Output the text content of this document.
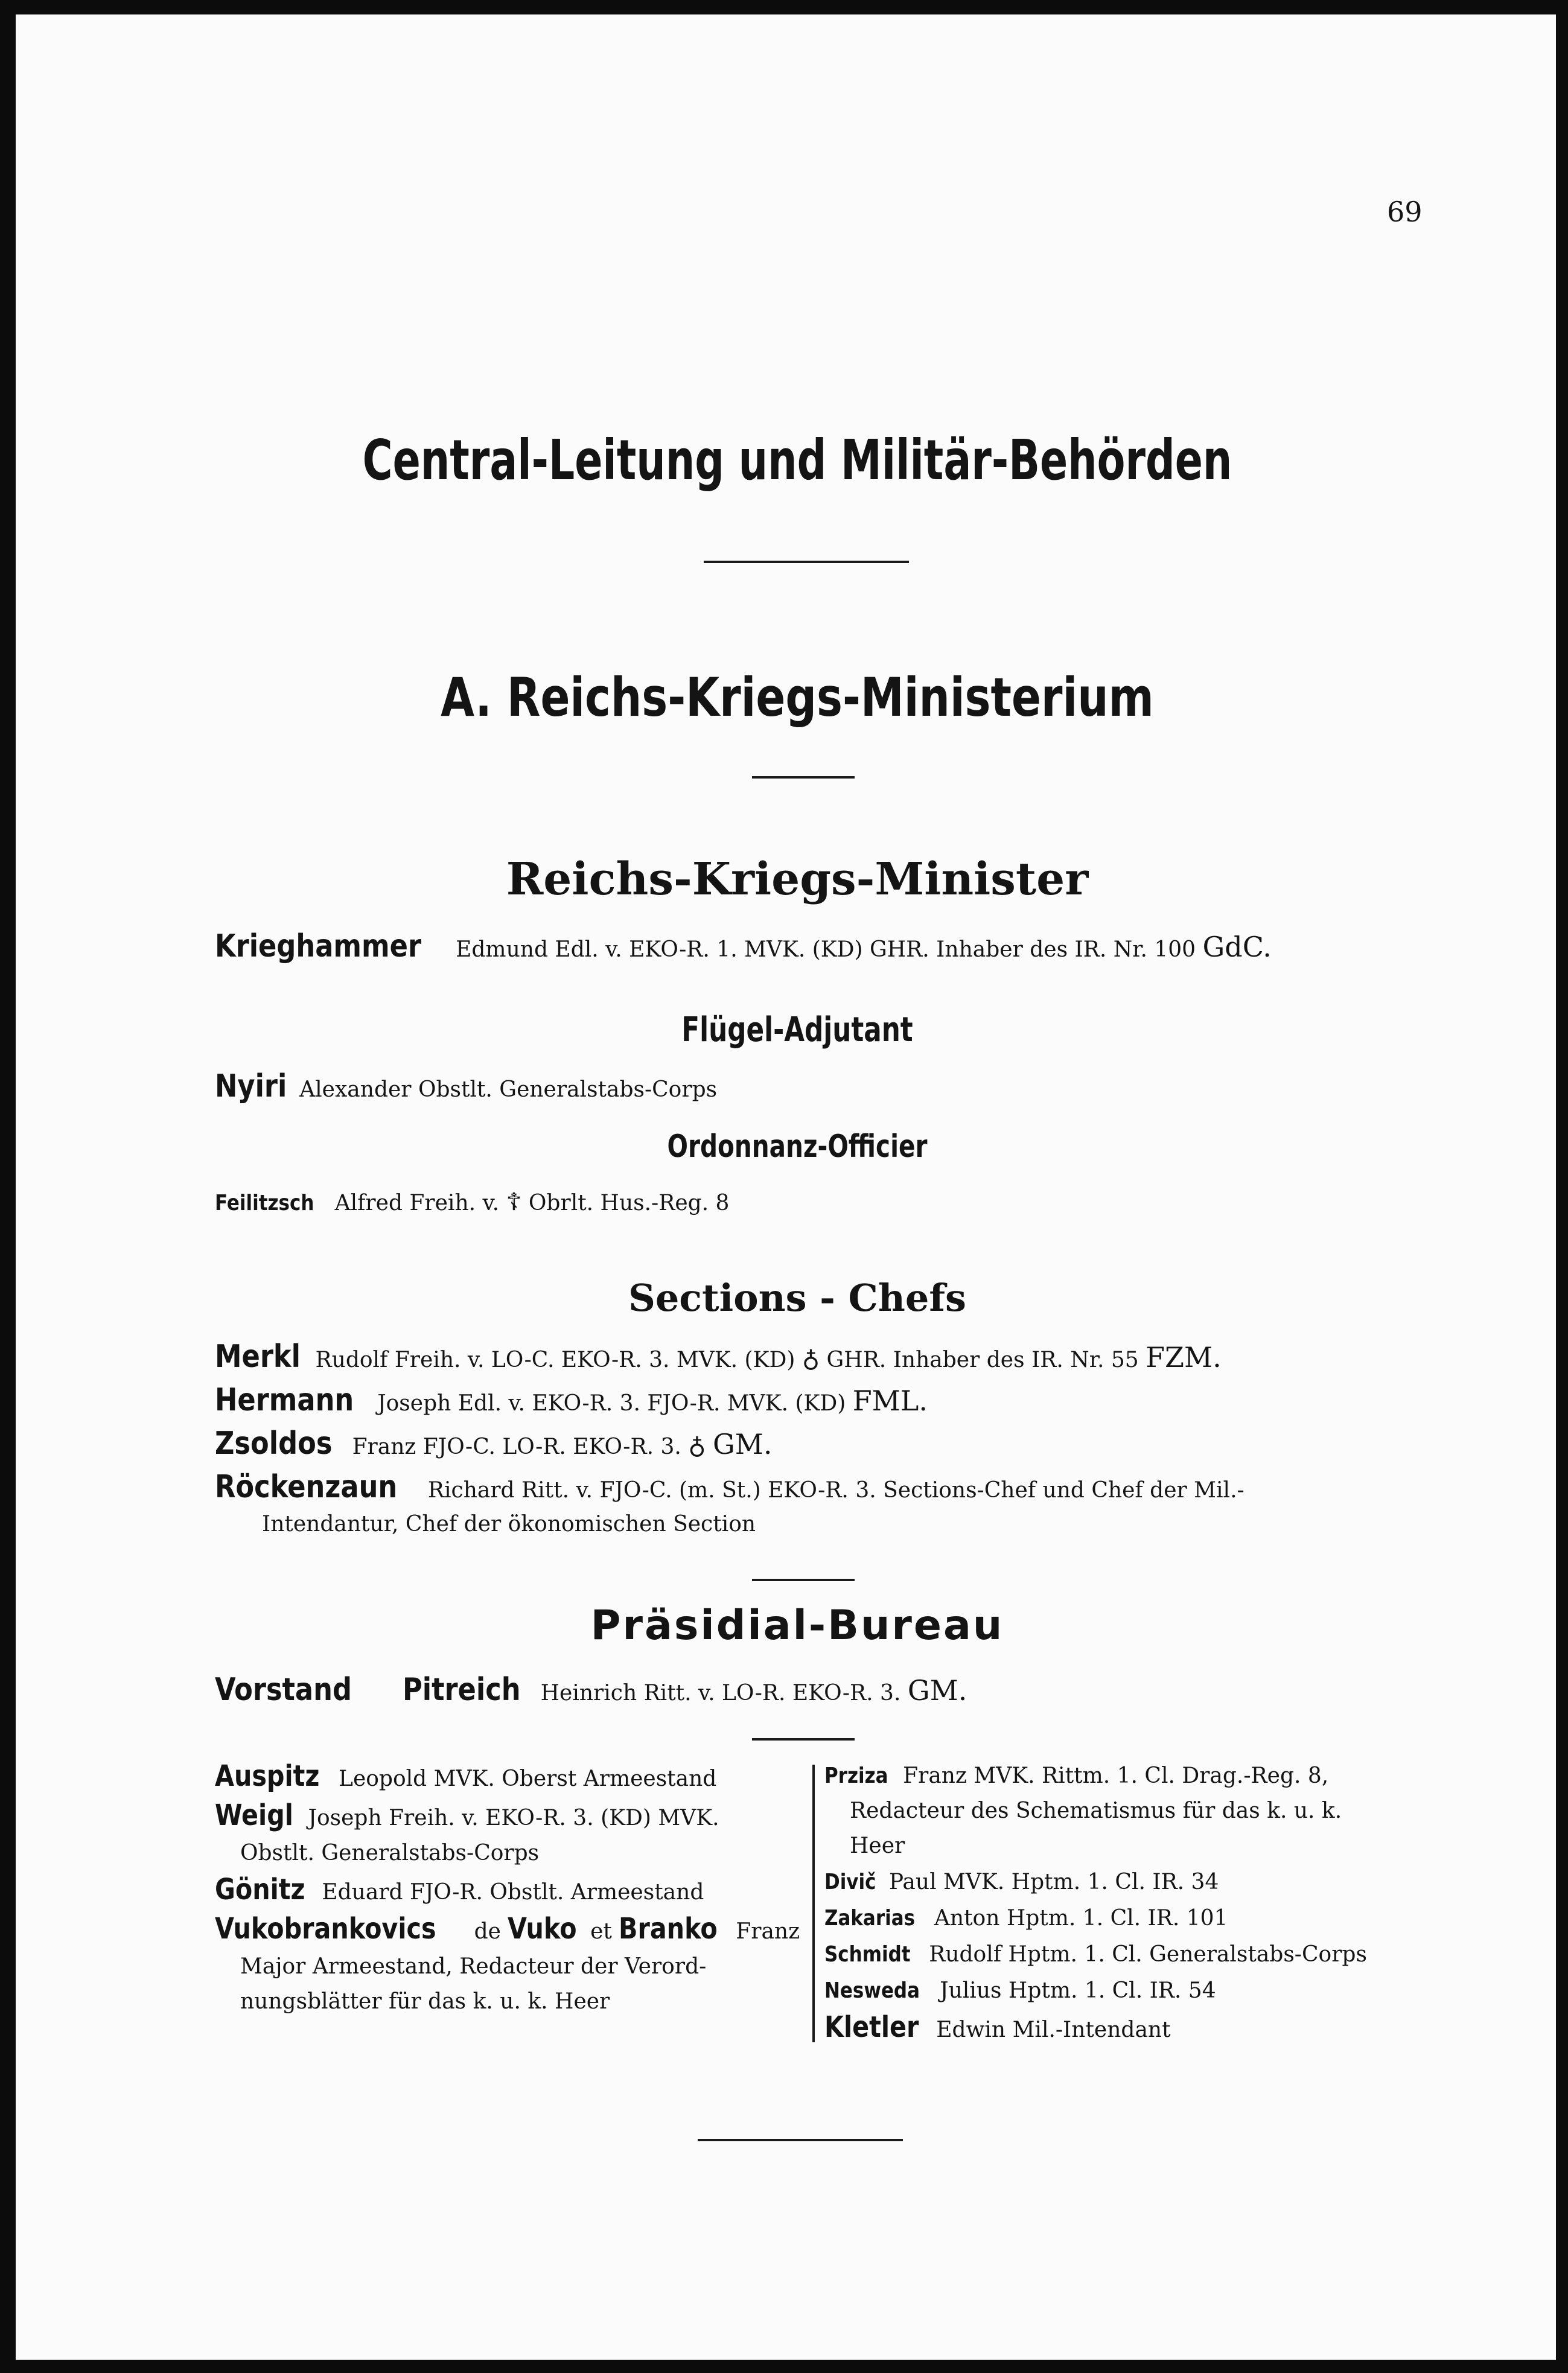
69
Central-Leitung und Militär-Behörden
A. Reichs-Kriegs-Ministerium
Reichs-Kriegs-Minister
Krieghammer Edmund Edl. v. EKO-R. 1. MVK. (KD) GHR. Inhaber des IR. Nr. 100 GdC.
Flügel-Adjutant
Nyiri Alexander Obstlt. Generalstabs-Corps
Ordonnanz-Officier
Feilitzsch Alfred Freih. v. ☦ Obrlt. Hus.-Reg. 8
Sections - Chefs
Merkl Rudolf Freih. v. LO-C. EKO-R. 3. MVK. (KD) ♁ GHR. Inhaber des IR. Nr. 55 FZM.
Hermann Joseph Edl. v. EKO-R. 3. FJO-R. MVK. (KD) FML.
Zsoldos Franz FJO-C. LO-R. EKO-R. 3. ♁ GM.
Röckenzaun Richard Ritt. v. FJO-C. (m. St.) EKO-R. 3. Sections-Chef und Chef der Mil.-
Intendantur, Chef der ökonomischen Section
Präsidial-Bureau
Vorstand Pitreich Heinrich Ritt. v. LO-R. EKO-R. 3. GM.
Auspitz Leopold MVK. Oberst Armeestand
Weigl Joseph Freih. v. EKO-R. 3. (KD) MVK.
Obstlt. Generalstabs-Corps
Gönitz Eduard FJO-R. Obstlt. Armeestand
Vukobrankovics de Vuko et Branko Franz
Major Armeestand, Redacteur der Verord-
nungsblätter für das k. u. k. Heer
Prziza Franz MVK. Rittm. 1. Cl. Drag.-Reg. 8,
Redacteur des Schematismus für das k. u. k.
Heer
Divič Paul MVK. Hptm. 1. Cl. IR. 34
Zakarias Anton Hptm. 1. Cl. IR. 101
Schmidt Rudolf Hptm. 1. Cl. Generalstabs-Corps
Nesweda Julius Hptm. 1. Cl. IR. 54
Kletler Edwin Mil.-Intendant
